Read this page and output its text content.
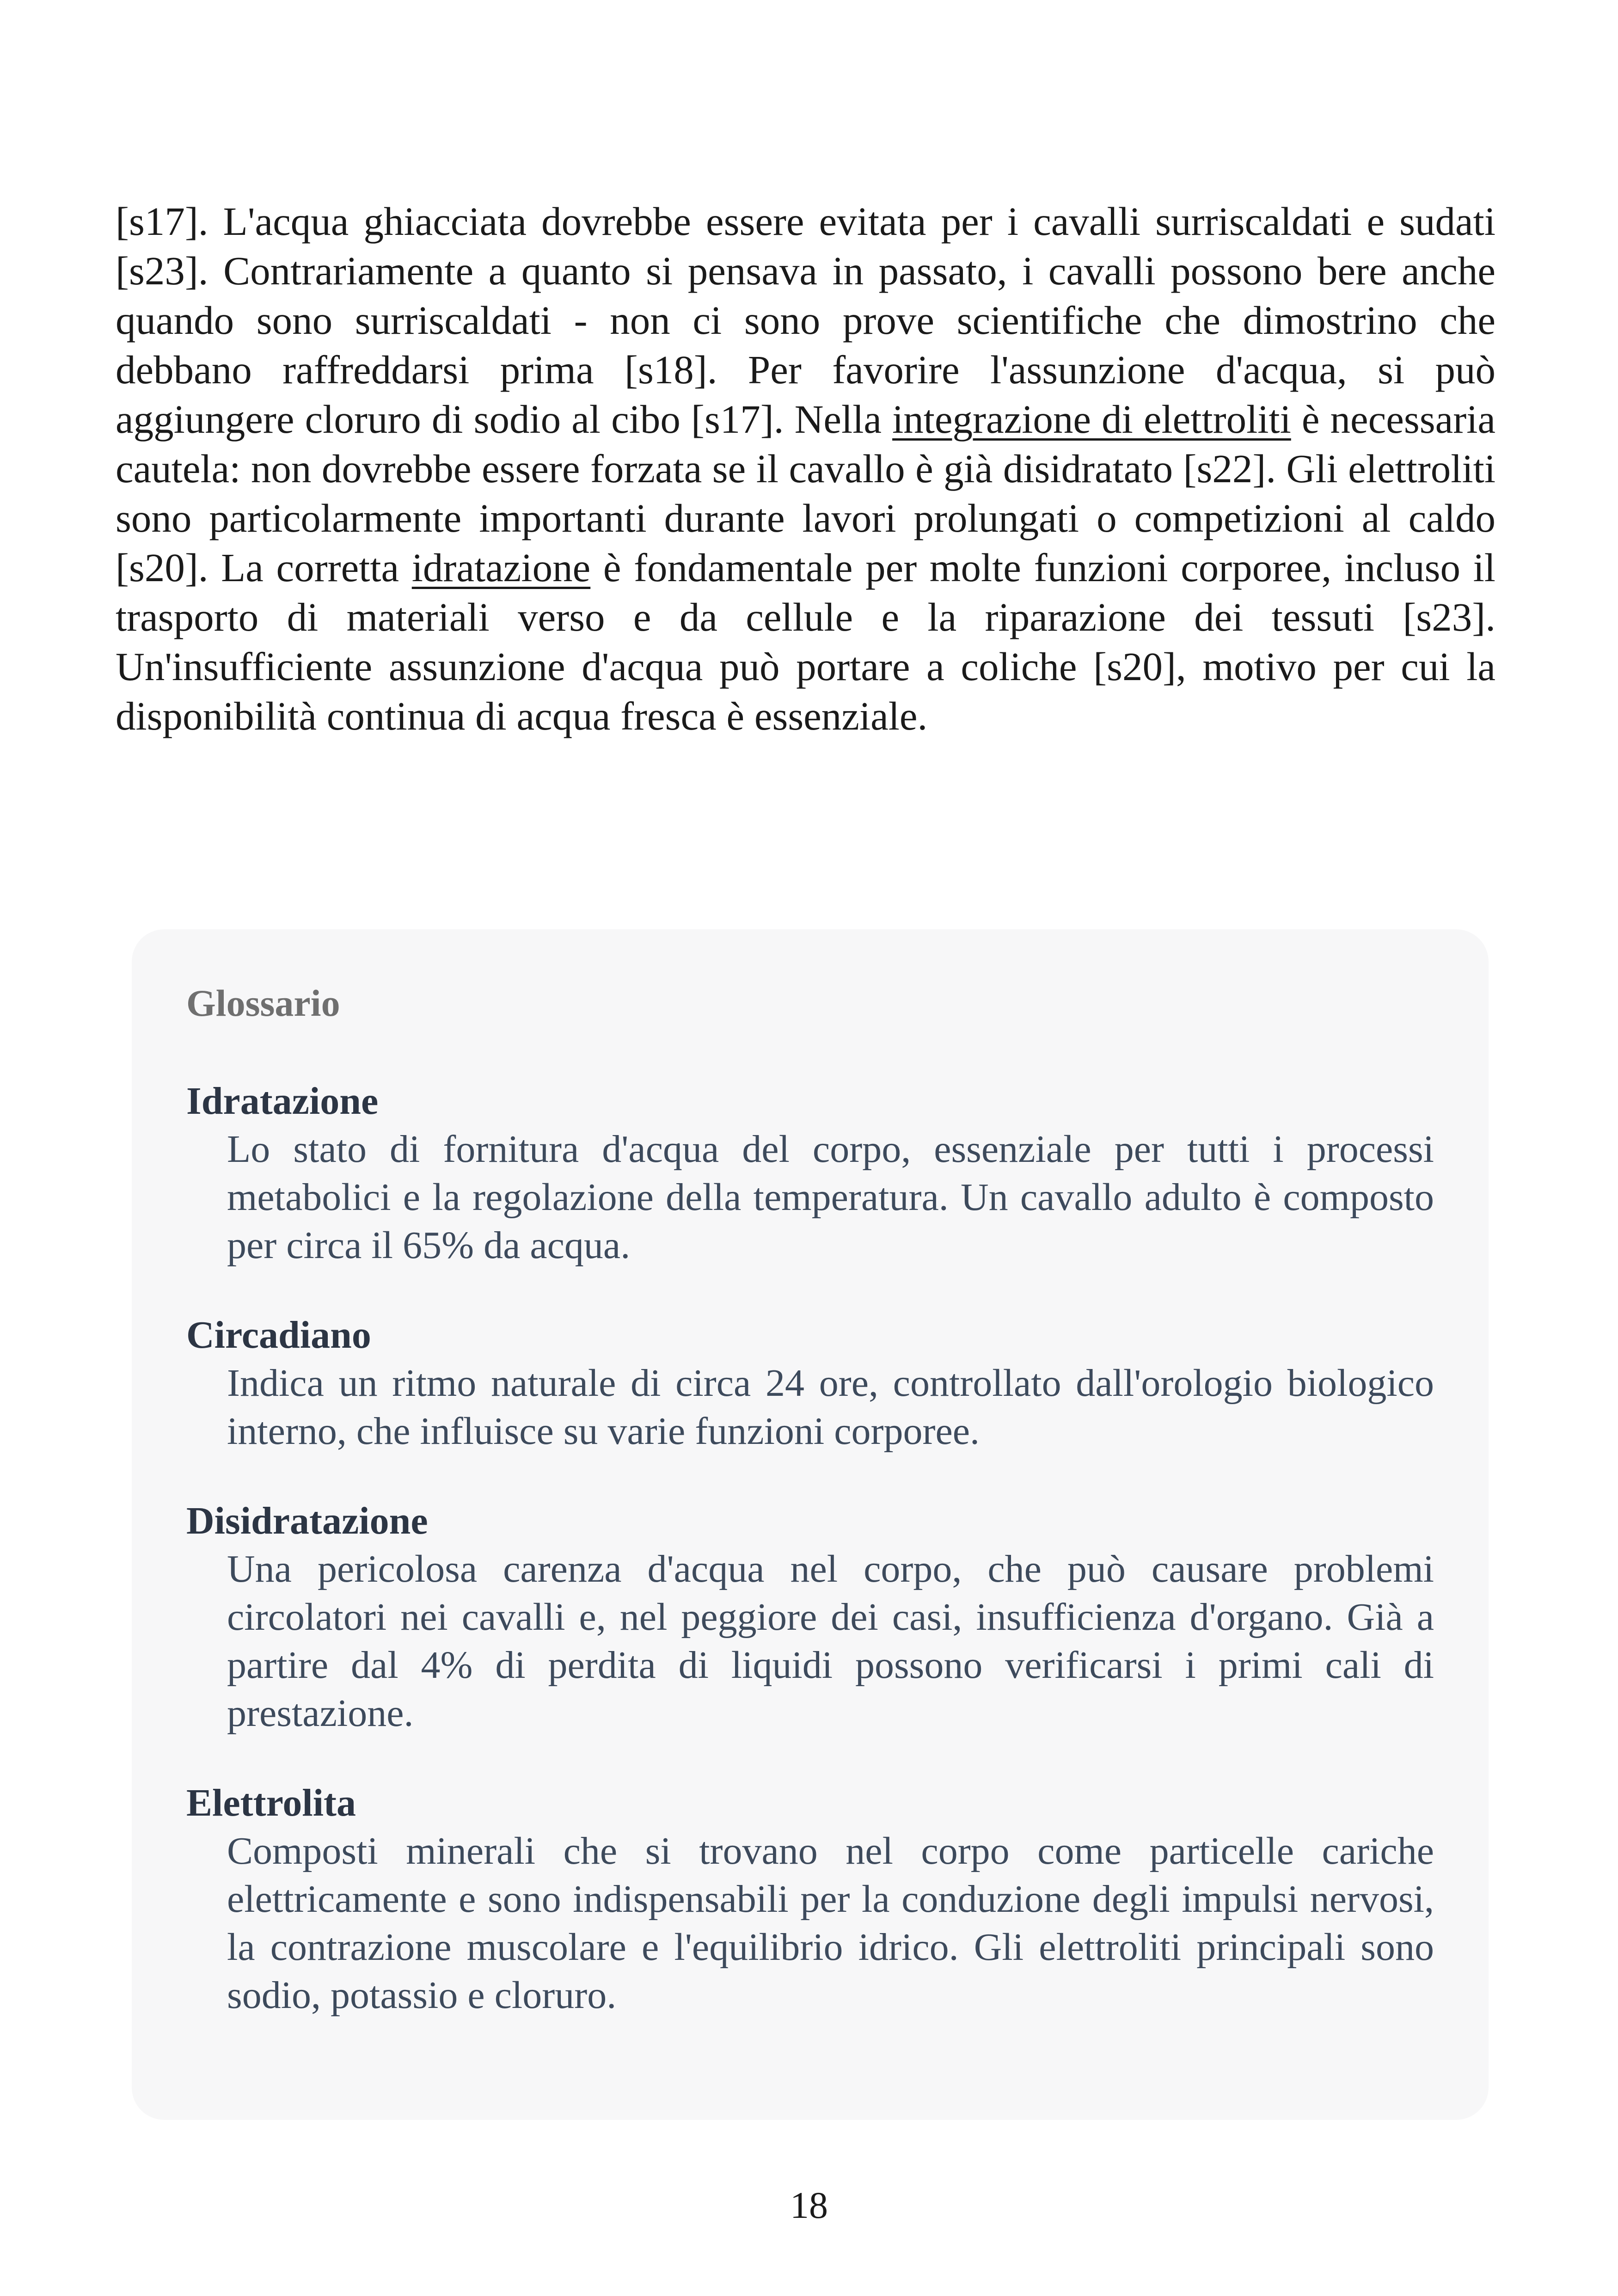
[s17]. L'acqua ghiacciata dovrebbe essere evitata per i cavalli surriscaldati e sudati [s23]. Contrariamente a quanto si pensava in passato, i cavalli possono bere anche quando sono surriscaldati - non ci sono prove scientifiche che dimostrino che debbano raffreddarsi prima [s18]. Per favorire l'assunzione d'acqua, si può aggiungere cloruro di sodio al cibo [s17]. Nella integrazione di elettroliti è necessaria cautela: non dovrebbe essere forzata se il cavallo è già disidratato [s22]. Gli elettroliti sono particolarmente importanti durante lavori prolungati o competizioni al caldo [s20]. La corretta idratazione è fondamentale per molte funzioni corporee, incluso il trasporto di materiali verso e da cellule e la riparazione dei tessuti [s23]. Un'insufficiente assunzione d'acqua può portare a coliche [s20], motivo per cui la disponibilità continua di acqua fresca è essenziale.

Glossario
Idratazione
Lo stato di fornitura d'acqua del corpo, essenziale per tutti i processi metabolici e la regolazione della temperatura. Un cavallo adulto è composto per circa il 65% da acqua.
Circadiano
Indica un ritmo naturale di circa 24 ore, controllato dall'orologio biologico interno, che influisce su varie funzioni corporee.
Disidratazione
Una pericolosa carenza d'acqua nel corpo, che può causare problemi circolatori nei cavalli e, nel peggiore dei casi, insufficienza d'organo. Già a partire dal 4% di perdita di liquidi possono verificarsi i primi cali di prestazione.
Elettrolita
Composti minerali che si trovano nel corpo come particelle cariche elettricamente e sono indispensabili per la conduzione degli impulsi nervosi, la contrazione muscolare e l'equilibrio idrico. Gli elettroliti principali sono sodio, potassio e cloruro.
18
